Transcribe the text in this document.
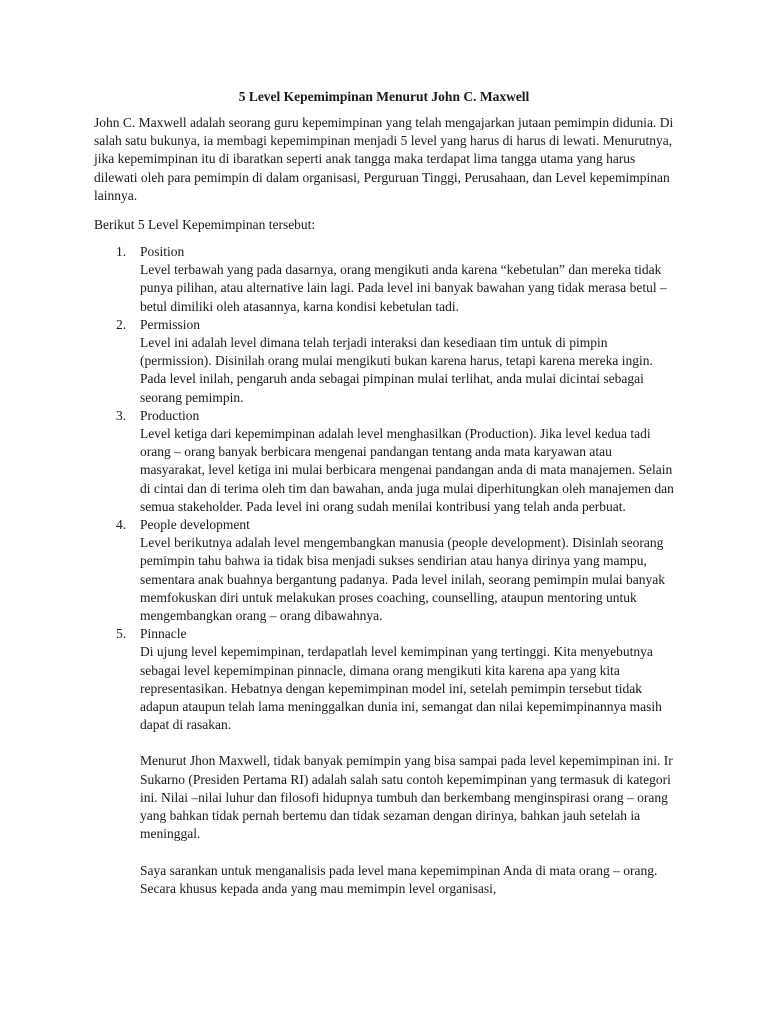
5 Level Kepemimpinan Menurut John C. Maxwell

John C. Maxwell adalah seorang guru kepemimpinan yang telah mengajarkan jutaan pemimpin didunia. Di salah satu bukunya, ia membagi kepemimpinan menjadi 5 level yang harus di harus di lewati. Menurutnya, jika kepemimpinan itu di ibaratkan seperti anak tangga maka terdapat lima tangga utama yang harus dilewati oleh para pemimpin di dalam organisasi, Perguruan Tinggi, Perusahaan, dan Level kepemimpinan lainnya.

Berikut 5 Level Kepemimpinan tersebut:

1. Position
Level terbawah yang pada dasarnya, orang mengikuti anda karena “kebetulan” dan mereka tidak punya pilihan, atau alternative lain lagi. Pada level ini banyak bawahan yang tidak merasa betul – betul dimiliki oleh atasannya, karna kondisi kebetulan tadi.
2. Permission
Level ini adalah level dimana telah terjadi interaksi dan kesediaan tim untuk di pimpin (permission). Disinilah orang mulai mengikuti bukan karena harus, tetapi karena mereka ingin. Pada level inilah, pengaruh anda sebagai pimpinan mulai terlihat, anda mulai dicintai sebagai seorang pemimpin.
3. Production
Level ketiga dari kepemimpinan adalah level menghasilkan (Production). Jika level kedua tadi orang – orang banyak berbicara mengenai pandangan tentang anda mata karyawan atau masyarakat, level ketiga ini mulai berbicara mengenai pandangan anda di mata manajemen. Selain di cintai dan di terima oleh tim dan bawahan, anda juga mulai diperhitungkan oleh manajemen dan semua stakeholder. Pada level ini orang sudah menilai kontribusi yang telah anda perbuat.
4. People development
Level berikutnya adalah level mengembangkan manusia (people development). Disinlah seorang pemimpin tahu bahwa ia tidak bisa menjadi sukses sendirian atau hanya dirinya yang mampu, sementara anak buahnya bergantung padanya. Pada level inilah, seorang pemimpin mulai banyak memfokuskan diri untuk melakukan proses coaching, counselling, ataupun mentoring untuk mengembangkan orang – orang dibawahnya.
5. Pinnacle
Di ujung level kepemimpinan, terdapatlah level kemimpinan yang tertinggi. Kita menyebutnya sebagai level kepemimpinan pinnacle, dimana orang mengikuti kita karena apa yang kita representasikan. Hebatnya dengan kepemimpinan model ini, setelah pemimpin tersebut tidak adapun ataupun telah lama meninggalkan dunia ini, semangat dan nilai kepemimpinannya masih dapat di rasakan.
Menurut Jhon Maxwell, tidak banyak pemimpin yang bisa sampai pada level kepemimpinan ini. Ir Sukarno (Presiden Pertama RI) adalah salah satu contoh kepemimpinan yang termasuk di kategori ini. Nilai –nilai luhur dan filosofi hidupnya tumbuh dan berkembang menginspirasi orang – orang yang bahkan tidak pernah bertemu dan tidak sezaman dengan dirinya, bahkan jauh setelah ia meninggal.
Saya sarankan untuk menganalisis pada level mana kepemimpinan Anda di mata orang – orang. Secara khusus kepada anda yang mau memimpin level organisasi,
